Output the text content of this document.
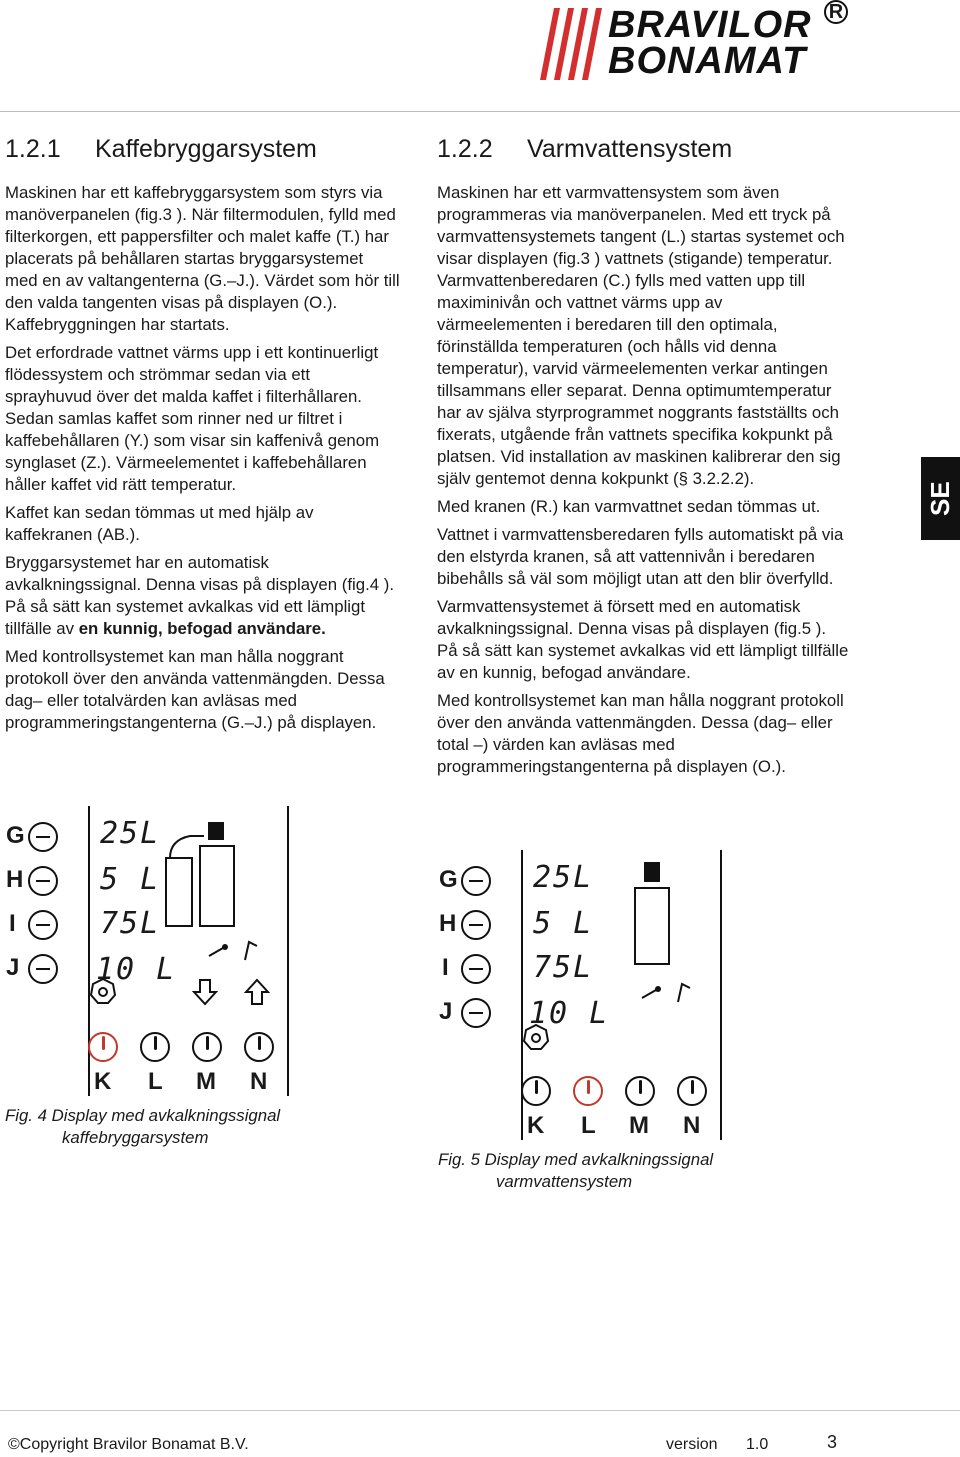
BRAVILOR
BONAMAT
R
1.2.1 Kaffebryggarsystem

Maskinen har ett kaffebryggarsystem som styrs via manöverpanelen (fig.3 ). När filtermodulen, fylld med filterkorgen, ett pappersfilter och malet kaffe (T.) har placerats på behållaren startas bryggarsystemet med en av valtangenterna (G.–J.). Värdet som hör till den valda tangenten visas på displayen (O.). Kaffebryggningen har startats.

Det erfordrade vattnet värms upp i ett kontinuerligt flödessystem och strömmar sedan via ett sprayhuvud över det malda kaffet i filterhållaren. Sedan samlas kaffet som rinner ned ur filtret i kaffebehållaren (Y.) som visar sin kaffenivå genom synglaset (Z.). Värmeelementet i kaffebehållaren håller kaffet vid rätt temperatur.

Kaffet kan sedan tömmas ut med hjälp av kaffekranen (AB.).

Bryggarsystemet har en automatisk avkalkningssignal. Denna visas på displayen (fig.4 ). På så sätt kan systemet avkalkas vid ett lämpligt tillfälle av en kunnig, befogad användare.

Med kontrollsystemet kan man hålla noggrant protokoll över den använda vattenmängden. Dessa dag– eller totalvärden kan avläsas med programmeringstangenterna (G.–J.) på displayen.

G
H
I
J
25L
5 L
75L
10 L
K L M N
Fig. 4 Display med avkalkningssignal
kaffebryggarsystem
1.2.2 Varmvattensystem

Maskinen har ett varmvattensystem som även programmeras via manöverpanelen. Med ett tryck på varmvattensystemets tangent (L.) startas systemet och visar displayen (fig.3 ) vattnets (stigande) temperatur. Varmvattenberedaren (C.) fylls med vatten upp till maximinivån och vattnet värms upp av värmeelementen i beredaren till den optimala, förinställda temperaturen (och hålls vid denna temperatur), varvid värmeelementen verkar antingen tillsammans eller separat. Denna optimumtemperatur har av själva styrprogrammet noggrants fastställts och fixerats, utgående från vattnets specifika kokpunkt på platsen. Vid installation av maskinen kalibrerar den sig själv gentemot denna kokpunkt (§ 3.2.2.2).

Med kranen (R.) kan varmvattnet sedan tömmas ut.

Vattnet i varmvattensberedaren fylls automatiskt på via den elstyrda kranen, så att vattennivån i beredaren bibehålls så väl som möjligt utan att den blir överfylld.

Varmvattensystemet ä försett med en automatisk avkalkningssignal. Denna visas på displayen (fig.5 ). På så sätt kan systemet avkalkas vid ett lämpligt tillfälle av en kunnig, befogad användare.

Med kontrollsystemet kan man hålla noggrant protokoll över den använda vattenmängden. Dessa (dag– eller total –) värden kan avläsas med programmeringstangenterna på displayen (O.).

SE
G
H
I
J
25L
5 L
75L
10 L
K L M N
Fig. 5 Display med avkalkningssignal
varmvattensystem
©Copyright Bravilor Bonamat B.V.	version 1.0	3
